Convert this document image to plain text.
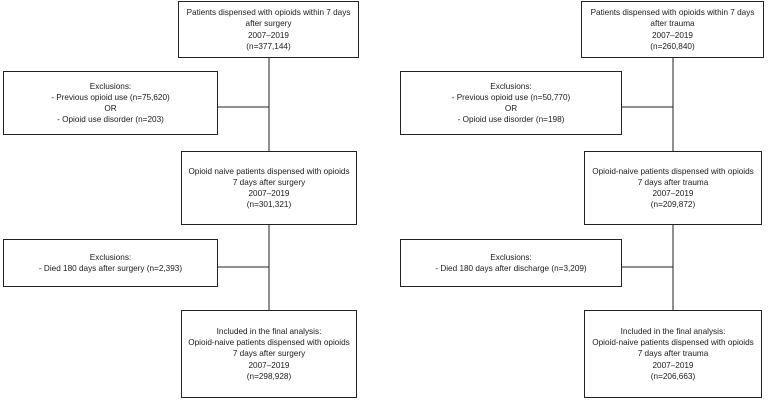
Patients dispensed with opioids within 7 days
after surgery
2007–2019
(n=377,144)
Exclusions:
- Previous opioid use (n=75,620)
OR
- Opioid use disorder (n=203)
Opioid naive patients dispensed with opioids
7 days after surgery
2007–2019
(n=301,321)
Exclusions:
- Died 180 days after surgery (n=2,393)
Included in the final analysis:
Opioid-naive patients dispensed with opioids
7 days after surgery
2007–2019
(n=298,928)
Patients dispensed with opioids within 7 days
after trauma
2007–2019
(n=260,840)
Exclusions:
- Previous opioid use (n=50,770)
OR
- Opioid use disorder (n=198)
Opioid-naive patients dispensed with opioids
7 days after trauma
2007–2019
(n=209,872)
Exclusions:
- Died 180 days after discharge (n=3,209)
Included in the final analysis:
Opioid-naive patients dispensed with opioids
7 days after trauma
2007–2019
(n=206,663)
